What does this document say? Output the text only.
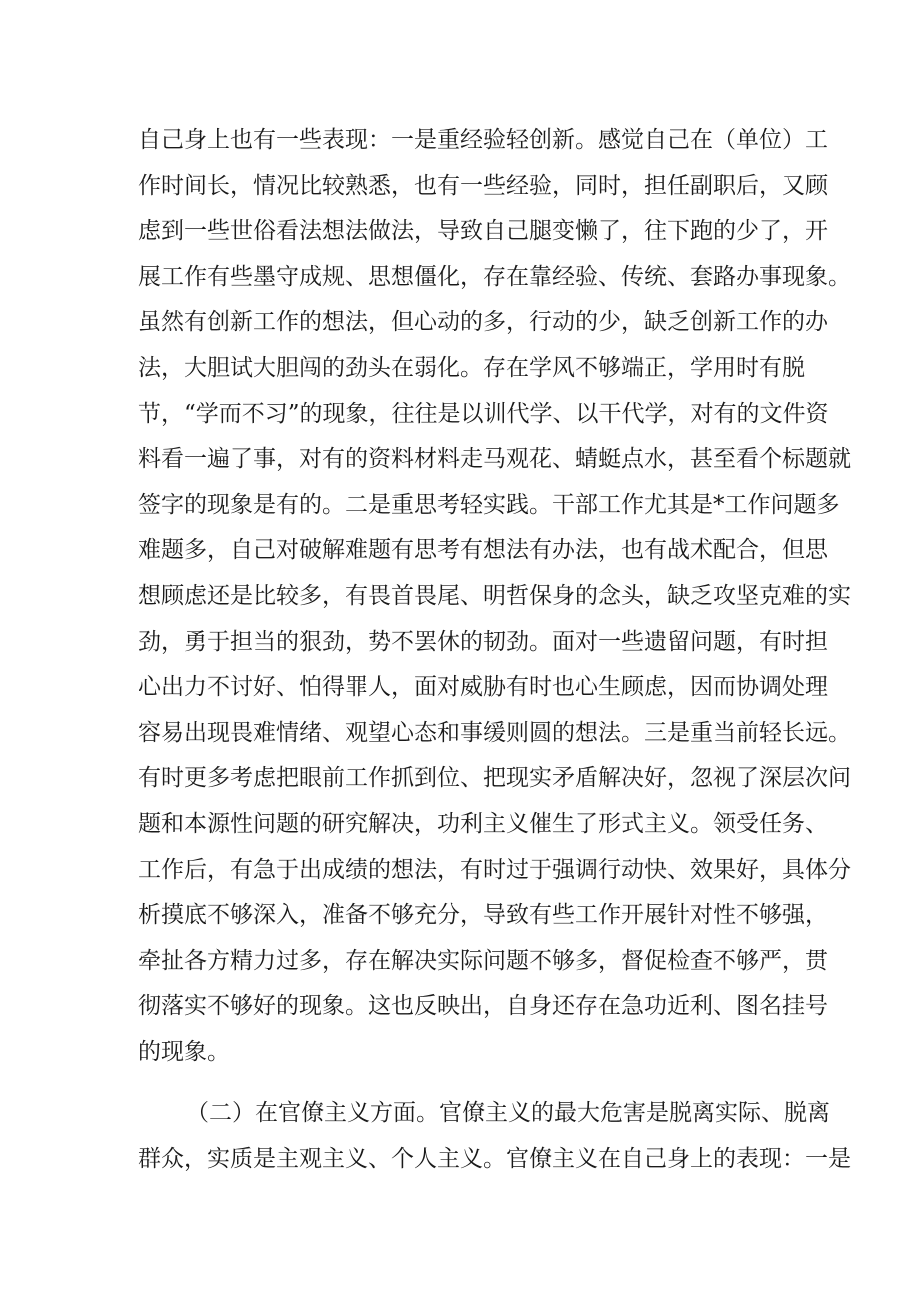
自己身上也有一些表现：一是重经验轻创新。感觉自己在（单位）工
作时间长，情况比较熟悉，也有一些经验，同时，担任副职后，又顾
虑到一些世俗看法想法做法，导致自己腿变懒了，往下跑的少了，开
展工作有些墨守成规、思想僵化，存在靠经验、传统、套路办事现象。
虽然有创新工作的想法，但心动的多，行动的少，缺乏创新工作的办
法，大胆试大胆闯的劲头在弱化。存在学风不够端正，学用时有脱
节，“学而不习”的现象，往往是以训代学、以干代学，对有的文件资
料看一遍了事，对有的资料材料走马观花、蜻蜓点水，甚至看个标题就
签字的现象是有的。二是重思考轻实践。干部工作尤其是*工作问题多
难题多，自己对破解难题有思考有想法有办法，也有战术配合，但思
想顾虑还是比较多，有畏首畏尾、明哲保身的念头，缺乏攻坚克难的实
劲，勇于担当的狠劲，势不罢休的韧劲。面对一些遗留问题，有时担
心出力不讨好、怕得罪人，面对威胁有时也心生顾虑，因而协调处理
容易出现畏难情绪、观望心态和事缓则圆的想法。三是重当前轻长远。
有时更多考虑把眼前工作抓到位、把现实矛盾解决好，忽视了深层次问
题和本源性问题的研究解决，功利主义催生了形式主义。领受任务、
工作后，有急于出成绩的想法，有时过于强调行动快、效果好，具体分
析摸底不够深入，准备不够充分，导致有些工作开展针对性不够强，
牵扯各方精力过多，存在解决实际问题不够多，督促检查不够严，贯
彻落实不够好的现象。这也反映出，自身还存在急功近利、图名挂号
的现象。
（二）在官僚主义方面。官僚主义的最大危害是脱离实际、脱离
群众，实质是主观主义、个人主义。官僚主义在自己身上的表现：一是
